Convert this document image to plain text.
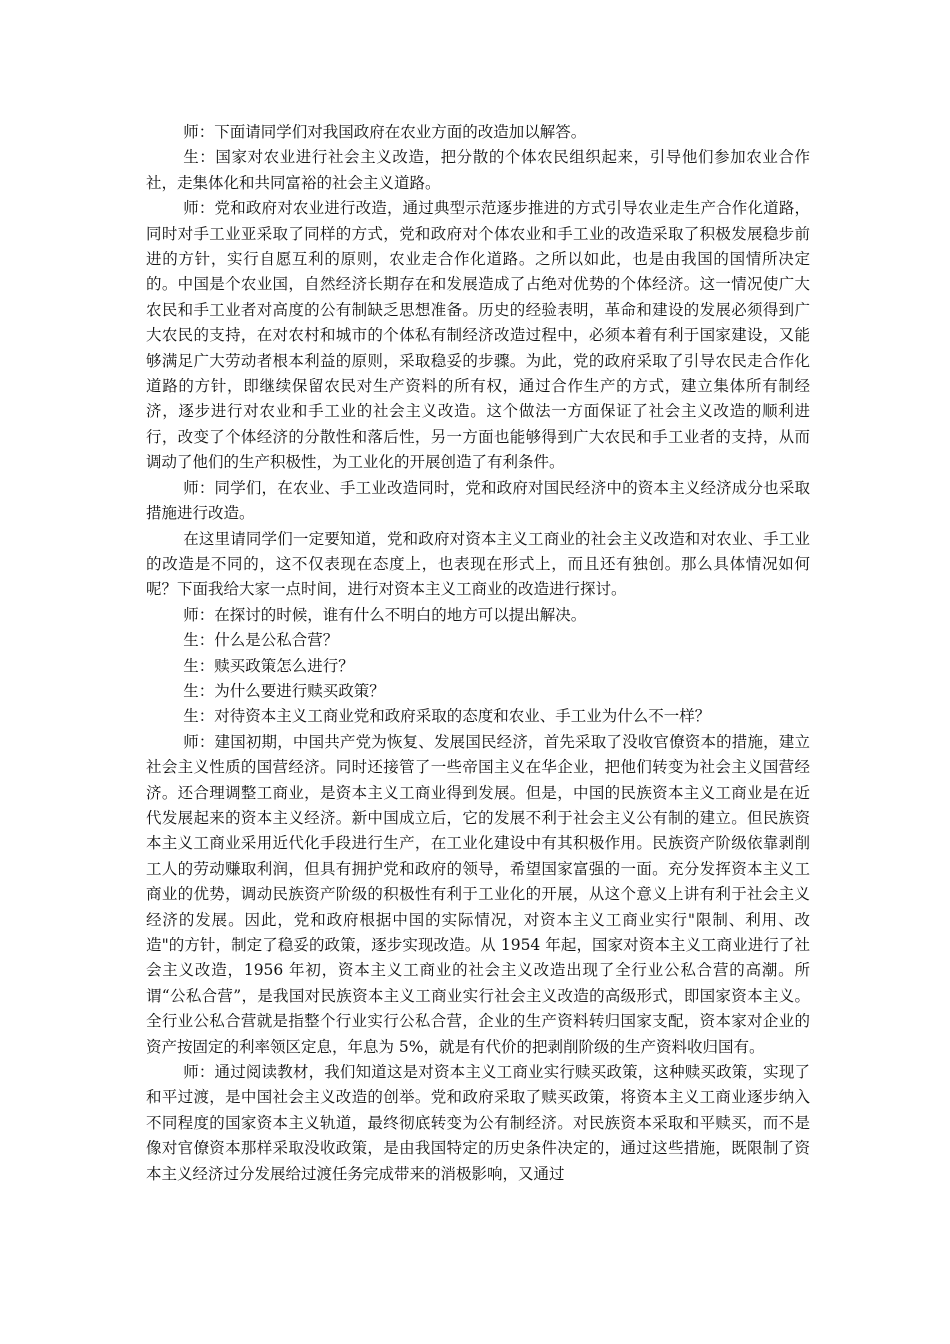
师：下面请同学们对我国政府在农业方面的改造加以解答。

生：国家对农业进行社会主义改造，把分散的个体农民组织起来，引导他们参加农业合作社，走集体化和共同富裕的社会主义道路。

师：党和政府对农业进行改造，通过典型示范逐步推进的方式引导农业走生产合作化道路，同时对手工业亚采取了同样的方式，党和政府对个体农业和手工业的改造采取了积极发展稳步前进的方针，实行自愿互利的原则，农业走合作化道路。之所以如此，也是由我国的国情所决定的。中国是个农业国，自然经济长期存在和发展造成了占绝对优势的个体经济。这一情况使广大农民和手工业者对高度的公有制缺乏思想准备。历史的经验表明，革命和建设的发展必须得到广大农民的支持，在对农村和城市的个体私有制经济改造过程中，必须本着有利于国家建设，又能够满足广大劳动者根本利益的原则，采取稳妥的步骤。为此，党的政府采取了引导农民走合作化道路的方针，即继续保留农民对生产资料的所有权，通过合作生产的方式，建立集体所有制经济，逐步进行对农业和手工业的社会主义改造。这个做法一方面保证了社会主义改造的顺利进行，改变了个体经济的分散性和落后性，另一方面也能够得到广大农民和手工业者的支持，从而调动了他们的生产积极性，为工业化的开展创造了有利条件。

师：同学们，在农业、手工业改造同时，党和政府对国民经济中的资本主义经济成分也采取措施进行改造。

在这里请同学们一定要知道，党和政府对资本主义工商业的社会主义改造和对农业、手工业的改造是不同的，这不仅表现在态度上，也表现在形式上，而且还有独创。那么具体情况如何呢？下面我给大家一点时间，进行对资本主义工商业的改造进行探讨。

师：在探讨的时候，谁有什么不明白的地方可以提出解决。

生：什么是公私合营？

生：赎买政策怎么进行？

生：为什么要进行赎买政策？

生：对待资本主义工商业党和政府采取的态度和农业、手工业为什么不一样？

师：建国初期，中国共产党为恢复、发展国民经济，首先采取了没收官僚资本的措施，建立社会主义性质的国营经济。同时还接管了一些帝国主义在华企业，把他们转变为社会主义国营经济。还合理调整工商业，是资本主义工商业得到发展。但是，中国的民族资本主义工商业是在近代发展起来的资本主义经济。新中国成立后，它的发展不利于社会主义公有制的建立。但民族资本主义工商业采用近代化手段进行生产，在工业化建设中有其积极作用。民族资产阶级依靠剥削工人的劳动赚取利润，但具有拥护党和政府的领导，希望国家富强的一面。充分发挥资本主义工商业的优势，调动民族资产阶级的积极性有利于工业化的开展，从这个意义上讲有利于社会主义经济的发展。因此，党和政府根据中国的实际情况，对资本主义工商业实行"限制、利用、改造"的方针，制定了稳妥的政策，逐步实现改造。从 1954 年起，国家对资本主义工商业进行了社会主义改造，1956 年初，资本主义工商业的社会主义改造出现了全行业公私合营的高潮。所谓“公私合营”，是我国对民族资本主义工商业实行社会主义改造的高级形式，即国家资本主义。全行业公私合营就是指整个行业实行公私合营，企业的生产资料转归国家支配，资本家对企业的资产按固定的利率领区定息，年息为 5%，就是有代价的把剥削阶级的生产资料收归国有。

师：通过阅读教材，我们知道这是对资本主义工商业实行赎买政策，这种赎买政策，实现了和平过渡，是中国社会主义改造的创举。党和政府采取了赎买政策，将资本主义工商业逐步纳入不同程度的国家资本主义轨道，最终彻底转变为公有制经济。对民族资本采取和平赎买，而不是像对官僚资本那样采取没收政策，是由我国特定的历史条件决定的，通过这些措施，既限制了资本主义经济过分发展给过渡任务完成带来的消极影响，又通过
